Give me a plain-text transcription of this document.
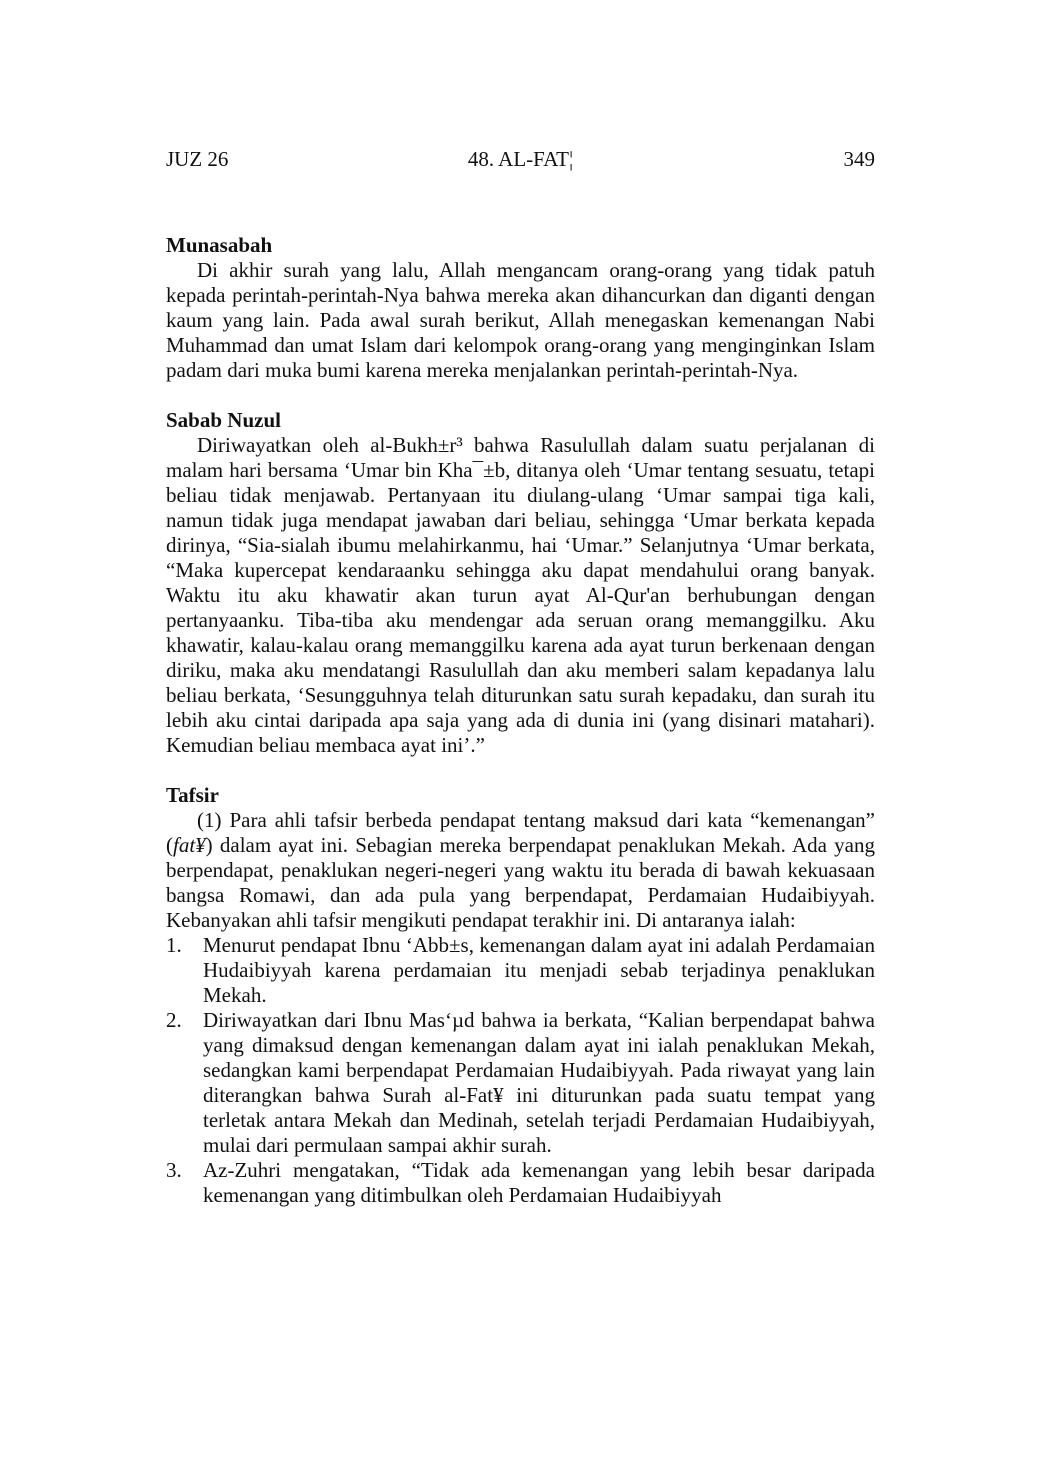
JUZ 26	48. AL-FAT¦	349
Munasabah

Di akhir surah yang lalu, Allah mengancam orang-orang yang tidak patuh kepada perintah-perintah-Nya bahwa mereka akan dihancurkan dan diganti dengan kaum yang lain. Pada awal surah berikut, Allah menegaskan kemenangan Nabi Muhammad dan umat Islam dari kelompok orang-orang yang menginginkan Islam padam dari muka bumi karena mereka menjalankan perintah-perintah-Nya.

Sabab Nuzul

Diriwayatkan oleh al-Bukh±r³ bahwa Rasulullah dalam suatu perjalanan di malam hari bersama ‘Umar bin Kha¯±b, ditanya oleh ‘Umar tentang sesuatu, tetapi beliau tidak menjawab. Pertanyaan itu diulang-ulang ‘Umar sampai tiga kali, namun tidak juga mendapat jawaban dari beliau, sehingga ‘Umar berkata kepada dirinya, “Sia-sialah ibumu melahirkanmu, hai ‘Umar.” Selanjutnya ‘Umar berkata, “Maka kupercepat kendaraanku sehingga aku dapat mendahului orang banyak. Waktu itu aku khawatir akan turun ayat Al-Qur'an berhubungan dengan pertanyaanku. Tiba-tiba aku mendengar ada seruan orang memanggilku. Aku khawatir, kalau-kalau orang memanggilku karena ada ayat turun berkenaan dengan diriku, maka aku mendatangi Rasulullah dan aku memberi salam kepadanya lalu beliau berkata, ‘Sesungguhnya telah diturunkan satu surah kepadaku, dan surah itu lebih aku cintai daripada apa saja yang ada di dunia ini (yang disinari matahari). Kemudian beliau membaca ayat ini’.”

Tafsir

(1) Para ahli tafsir berbeda pendapat tentang maksud dari kata “kemenangan” (fat¥) dalam ayat ini. Sebagian mereka berpendapat penaklukan Mekah. Ada yang berpendapat, penaklukan negeri-negeri yang waktu itu berada di bawah kekuasaan bangsa Romawi, dan ada pula yang berpendapat, Perdamaian Hudaibiyyah. Kebanyakan ahli tafsir mengikuti pendapat terakhir ini. Di antaranya ialah:

1. Menurut pendapat Ibnu ‘Abb±s, kemenangan dalam ayat ini adalah Perdamaian Hudaibiyyah karena perdamaian itu menjadi sebab terjadinya penaklukan Mekah.
2. Diriwayatkan dari Ibnu Mas‘µd bahwa ia berkata, “Kalian berpendapat bahwa yang dimaksud dengan kemenangan dalam ayat ini ialah penaklukan Mekah, sedangkan kami berpendapat Perdamaian Hudaibiyyah. Pada riwayat yang lain diterangkan bahwa Surah al-Fat¥ ini diturunkan pada suatu tempat yang terletak antara Mekah dan Medinah, setelah terjadi Perdamaian Hudaibiyyah, mulai dari permulaan sampai akhir surah.
3. Az-Zuhri mengatakan, “Tidak ada kemenangan yang lebih besar daripada kemenangan yang ditimbulkan oleh Perdamaian Hudaibiyyah
